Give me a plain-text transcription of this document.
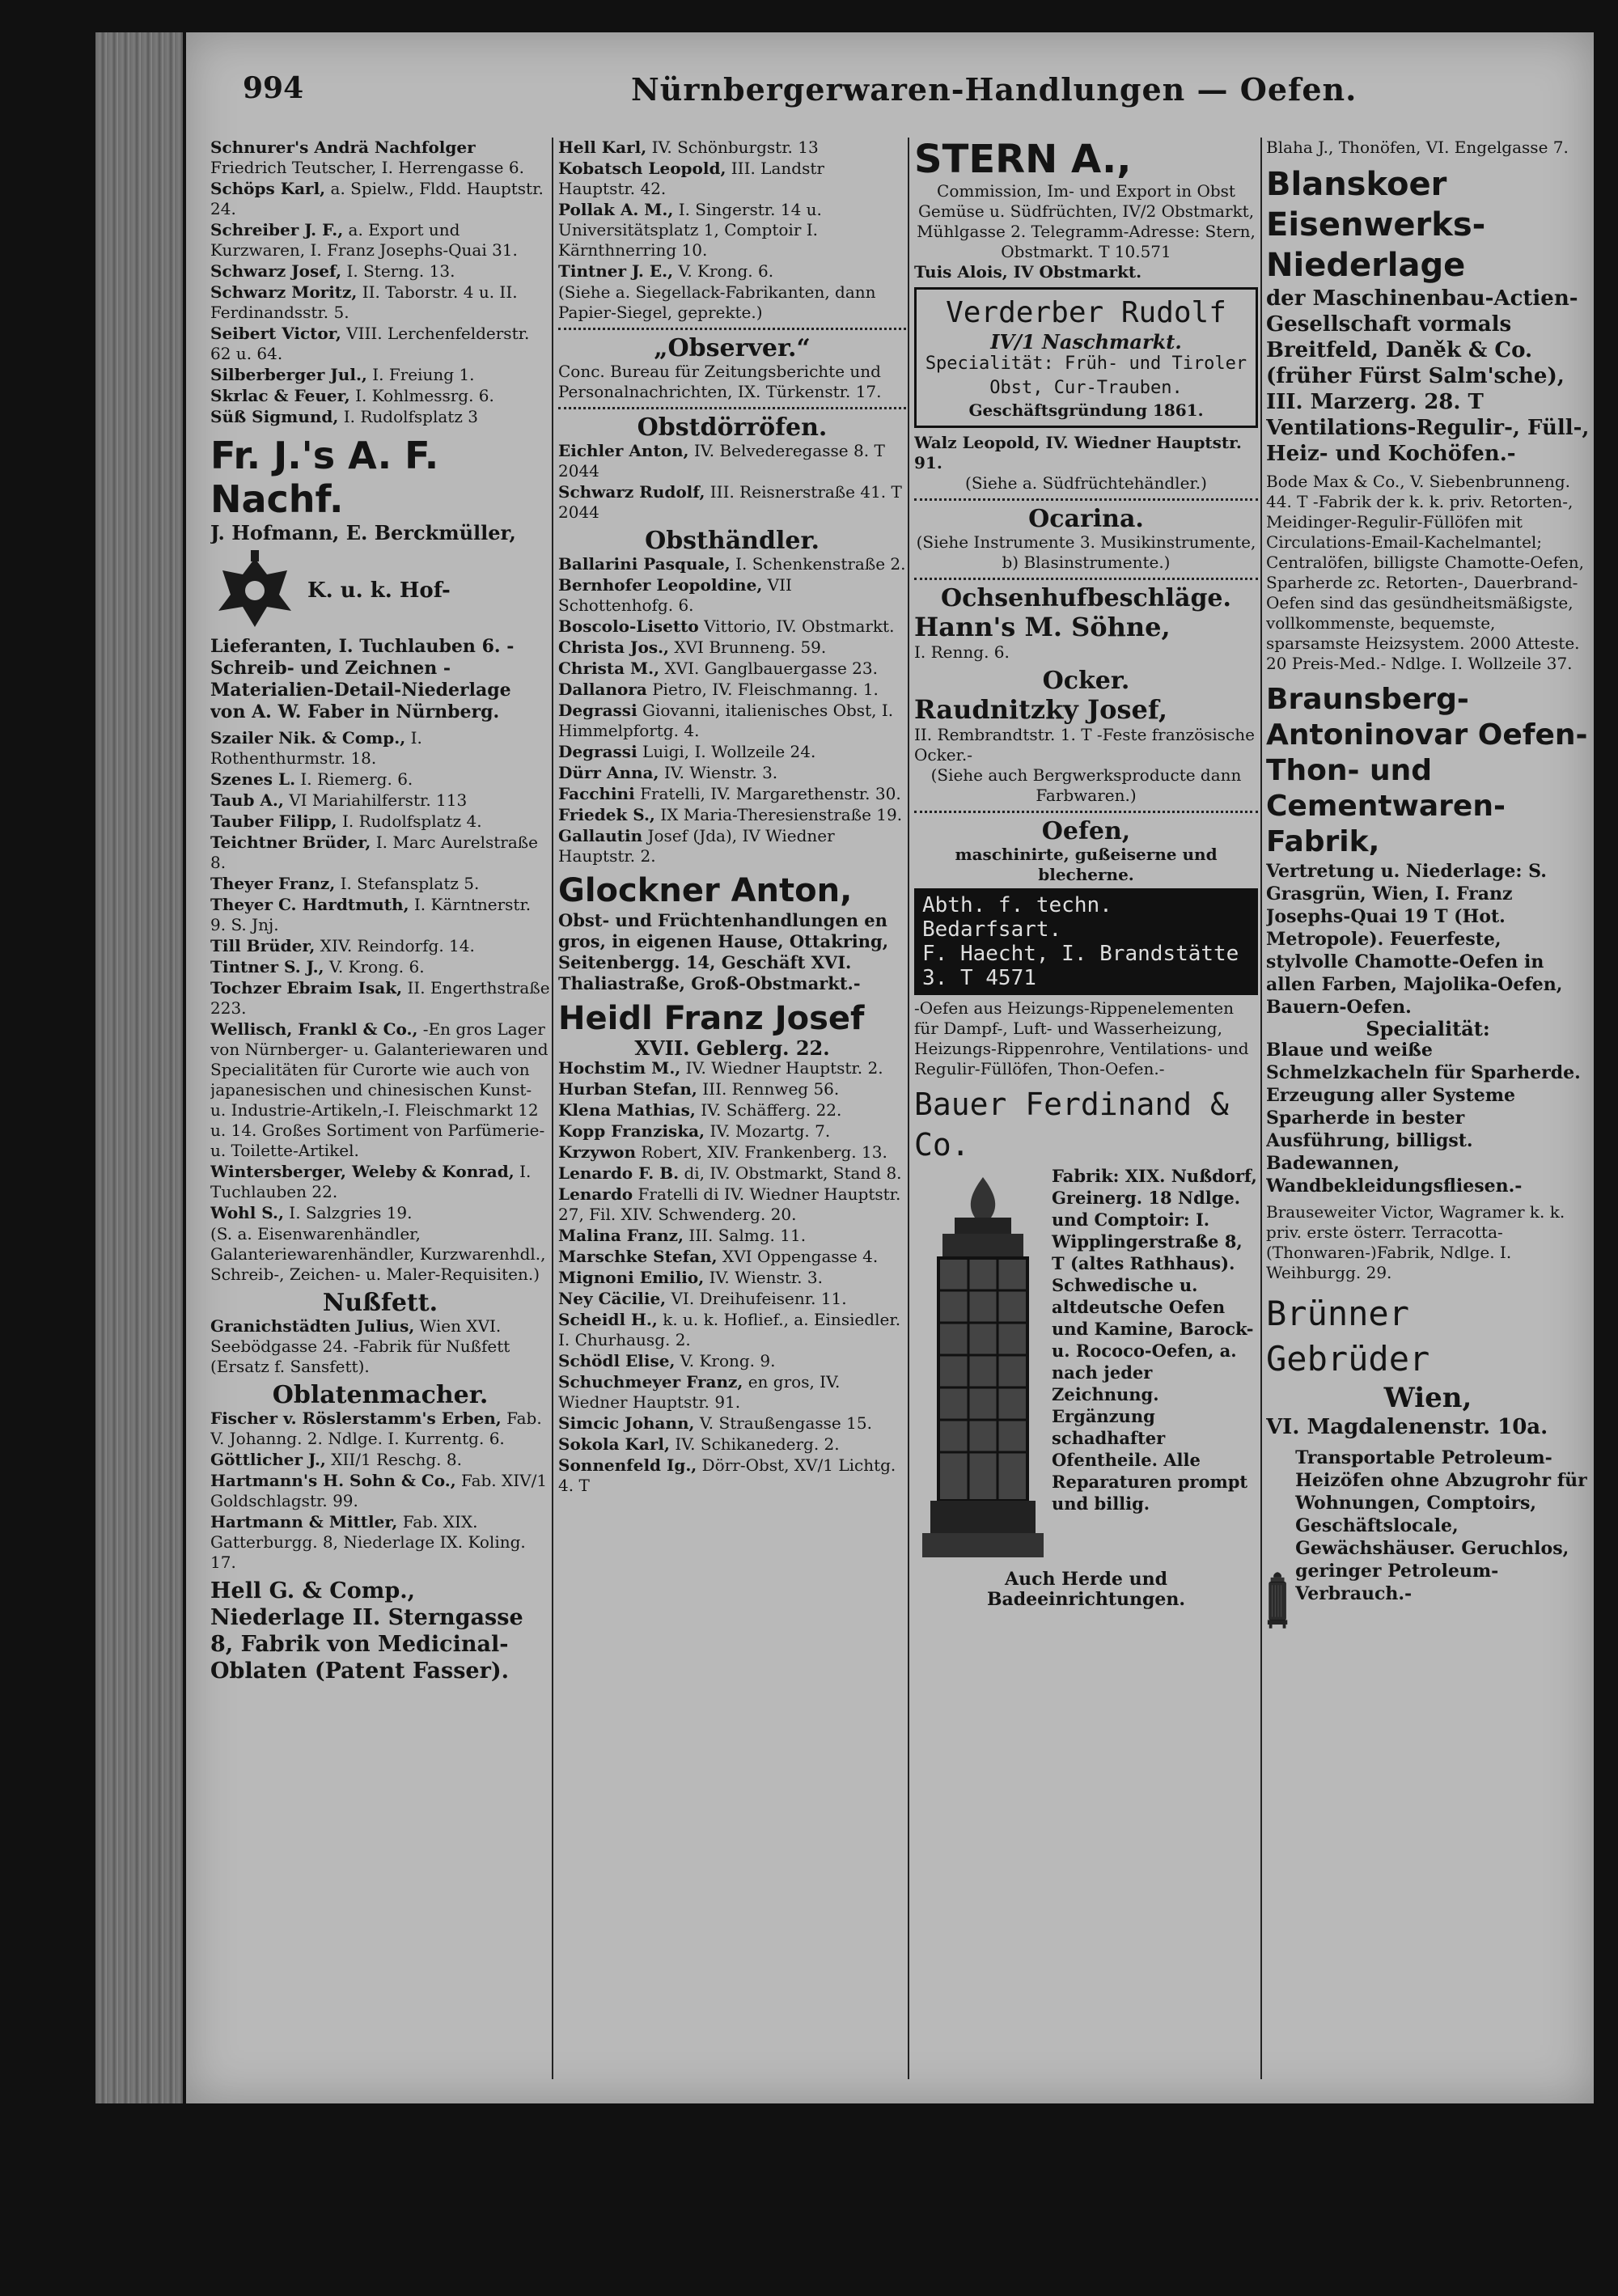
994	Nürnbergerwaren-Handlungen — Oefen.
Schnurer's Andrä Nachfolger Friedrich Teutscher, I. Herrengasse 6.
Schöps Karl, a. Spielw., Fldd. Hauptstr. 24.
Schreiber J. F., a. Export und Kurzwaren, I. Franz Josephs-Quai 31.
Schwarz Josef, I. Sterng. 13.
Schwarz Moritz, II. Taborstr. 4 u. II. Ferdinandsstr. 5.
Seibert Victor, VIII. Lerchenfelderstr. 62 u. 64.
Silberberger Jul., I. Freiung 1.
Skrlac & Feuer, I. Kohlmessrg. 6.
Süß Sigmund, I. Rudolfsplatz 3
Fr. J.'s A. F. Nachf.
J. Hofmann, E. Berckmüller,
K. u. k. Hof-
Lieferanten, I. Tuchlauben 6. -Schreib- und Zeichnen - Materialien-Detail-Niederlage von A. W. Faber in Nürnberg.
Szailer Nik. & Comp., I. Rothenthurmstr. 18.
Szenes L. I. Riemerg. 6.
Taub A., VI Mariahilferstr. 113
Tauber Filipp, I. Rudolfsplatz 4.
Teichtner Brüder, I. Marc Aurelstraße 8.
Theyer Franz, I. Stefansplatz 5.
Theyer C. Hardtmuth, I. Kärntnerstr. 9. S. Jnj.
Till Brüder, XIV. Reindorfg. 14.
Tintner S. J., V. Krong. 6.
Tochzer Ebraim Isak, II. Engerthstraße 223.
Wellisch, Frankl & Co., -En gros Lager von Nürnberger- u. Galanteriewaren und Specialitäten für Curorte wie auch von japanesischen und chinesischen Kunst- u. Industrie-Artikeln,-I. Fleischmarkt 12 u. 14. Großes Sortiment von Parfümerie- u. Toilette-Artikel.
Wintersberger, Weleby & Konrad, I. Tuchlauben 22.
Wohl S., I. Salzgries 19.
(S. a. Eisenwarenhändler, Galanteriewarenhändler, Kurzwarenhdl., Schreib-, Zeichen- u. Maler-Requisiten.)
Nußfett.
Granichstädten Julius, Wien XVI. Seebödgasse 24. -Fabrik für Nußfett (Ersatz f. Sansfett).
Oblatenmacher.
Fischer v. Röslerstamm's Erben, Fab. V. Johanng. 2. Ndlge. I. Kurrentg. 6.
Göttlicher J., XII/1 Reschg. 8.
Hartmann's H. Sohn & Co., Fab. XIV/1 Goldschlagstr. 99.
Hartmann & Mittler, Fab. XIX. Gatterburgg. 8, Niederlage IX. Koling. 17.
Hell G. & Comp., Niederlage II. Sterngasse 8, Fabrik von Medicinal-Oblaten (Patent Fasser).
Hell Karl, IV. Schönburgstr. 13
Kobatsch Leopold, III. Landstr Hauptstr. 42.
Pollak A. M., I. Singerstr. 14 u. Universitätsplatz 1, Comptoir I. Kärnthnerring 10.
Tintner J. E., V. Krong. 6.
(Siehe a. Siegellack-Fabrikanten, dann Papier-Siegel, geprekte.)
„Observer.“
Conc. Bureau für Zeitungsberichte und Personalnachrichten, IX. Türkenstr. 17.
Obstdörröfen.
Eichler Anton, IV. Belvederegasse 8. T 2044
Schwarz Rudolf, III. Reisnerstraße 41. T 2044
Obsthändler.
Ballarini Pasquale, I. Schenkenstraße 2.
Bernhofer Leopoldine, VII Schottenhofg. 6.
Boscolo-Lisetto Vittorio, IV. Obstmarkt.
Christa Jos., XVI Brunneng. 59.
Christa M., XVI. Ganglbauergasse 23.
Dallanora Pietro, IV. Fleischmanng. 1.
Degrassi Giovanni, italienisches Obst, I. Himmelpfortg. 4.
Degrassi Luigi, I. Wollzeile 24.
Dürr Anna, IV. Wienstr. 3.
Facchini Fratelli, IV. Margarethenstr. 30.
Friedek S., IX Maria-Theresienstraße 19.
Gallautin Josef (Jda), IV Wiedner Hauptstr. 2.
Glockner Anton,
Obst- und Früchtenhandlungen en gros, in eigenen Hause, Ottakring, Seitenbergg. 14, Geschäft XVI. Thaliastraße, Groß-Obstmarkt.-
Heidl Franz Josef
XVII. Geblerg. 22.
Hochstim M., IV. Wiedner Hauptstr. 2.
Hurban Stefan, III. Rennweg 56.
Klena Mathias, IV. Schäfferg. 22.
Kopp Franziska, IV. Mozartg. 7.
Krzywon Robert, XIV. Frankenberg. 13.
Lenardo F. B. di, IV. Obstmarkt, Stand 8.
Lenardo Fratelli di IV. Wiedner Hauptstr. 27, Fil. XIV. Schwenderg. 20.
Malina Franz, III. Salmg. 11.
Marschke Stefan, XVI Oppengasse 4.
Mignoni Emilio, IV. Wienstr. 3.
Ney Cäcilie, VI. Dreihufeisenr. 11.
Scheidl H., k. u. k. Hoflief., a. Einsiedler. I. Churhausg. 2.
Schödl Elise, V. Krong. 9.
Schuchmeyer Franz, en gros, IV. Wiedner Hauptstr. 91.
Simcic Johann, V. Straußengasse 15.
Sokola Karl, IV. Schikanederg. 2.
Sonnenfeld Ig., Dörr-Obst, XV/1 Lichtg. 4. T
STERN A.,
Commission, Im- und Export in Obst Gemüse u. Südfrüchten, IV/2 Obstmarkt, Mühlgasse 2. Telegramm-Adresse: Stern, Obstmarkt. T 10.571
Tuis Alois, IV Obstmarkt.
Verderber Rudolf
IV/1 Naschmarkt.
Specialität: Früh- und Tiroler Obst, Cur-Trauben.
Geschäftsgründung 1861.
Walz Leopold, IV. Wiedner Hauptstr. 91.
(Siehe a. Südfrüchtehändler.)
Ocarina.
(Siehe Instrumente 3. Musikinstrumente, b) Blasinstrumente.)
Ochsenhufbeschläge.
Hann's M. Söhne,
I. Renng. 6.
Ocker.
Raudnitzky Josef,
II. Rembrandtstr. 1. T -Feste französische Ocker.-
(Siehe auch Bergwerksproducte dann Farbwaren.)
Oefen,
maschinirte, gußeiserne und blecherne.
Abth. f. techn. Bedarfsart.
F. Haecht, I. Brandstätte 3. T 4571
-Oefen aus Heizungs-Rippenelementen für Dampf-, Luft- und Wasserheizung, Heizungs-Rippenrohre, Ventilations- und Regulir-Füllöfen, Thon-Oefen.-
Bauer Ferdinand & Co.
Fabrik: XIX. Nußdorf, Greinerg. 18 Ndlge. und Comptoir: I. Wipplingerstraße 8, T (altes Rathhaus). Schwedische u. altdeutsche Oefen und Kamine, Barock- u. Rococo-Oefen, a. nach jeder Zeichnung. Ergänzung schadhafter Ofentheile. Alle Reparaturen prompt und billig.
Auch Herde und Badeeinrichtungen.
Blaha J., Thonöfen, VI. Engelgasse 7.
Blanskoer Eisenwerks-Niederlage
der Maschinenbau-Actien-Gesellschaft vormals Breitfeld, Daněk & Co. (früher Fürst Salm'sche), III. Marzerg. 28. T Ventilations-Regulir-, Füll-, Heiz- und Kochöfen.-
Bode Max & Co., V. Siebenbrunneng. 44. T -Fabrik der k. k. priv. Retorten-, Meidinger-Regulir-Füllöfen mit Circulations-Email-Kachelmantel; Centralöfen, billigste Chamotte-Oefen, Sparherde zc. Retorten-, Dauerbrand-Oefen sind das gesündheitsmäßigste, vollkommenste, bequemste, sparsamste Heizsystem. 2000 Atteste. 20 Preis-Med.- Ndlge. I. Wollzeile 37.
Braunsberg-Antoninovar Oefen-Thon- und Cementwaren-Fabrik,
Vertretung u. Niederlage: S. Grasgrün, Wien, I. Franz Josephs-Quai 19 T (Hot. Metropole). Feuerfeste, stylvolle Chamotte-Oefen in allen Farben, Majolika-Oefen, Bauern-Oefen.
Specialität:
Blaue und weiße Schmelzkacheln für Sparherde. Erzeugung aller Systeme Sparherde in bester Ausführung, billigst. Badewannen, Wandbekleidungsfliesen.-
Brauseweiter Victor, Wagramer k. k. priv. erste österr. Terracotta-(Thonwaren-)Fabrik, Ndlge. I. Weihburgg. 29.
Brünner Gebrüder
Wien,
VI. Magdalenenstr. 10a.
Transportable Petroleum-Heizöfen ohne Abzugrohr für Wohnungen, Comptoirs, Geschäftslocale, Gewächshäuser. Geruchlos, geringer Petroleum-Verbrauch.-
